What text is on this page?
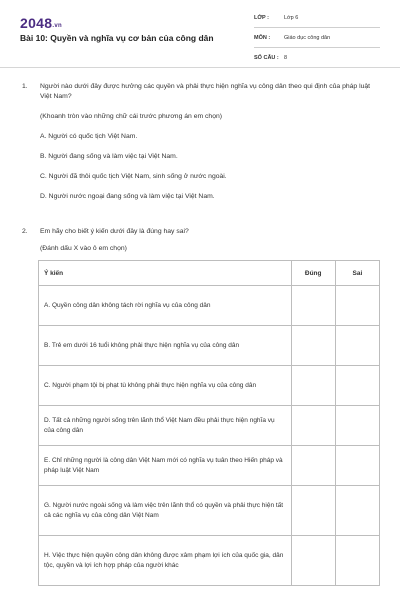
2048.vn
Bài 10: Quyền và nghĩa vụ cơ bản của công dân
LỚP :	Lớp 6
MÔN :	Giáo dục công dân
SỐ CÂU : 8
1.	Người nào dưới đây được hưởng các quyền và phải thực hiện nghĩa vụ công dân theo qui định của pháp luật Việt Nam?
(Khoanh tròn vào những chữ cái trước phương án em chọn)
A. Người có quốc tịch Việt Nam.
B. Người đang sống và làm việc tại Việt Nam.
C. Người đã thôi quốc tịch Việt Nam, sinh sống ở nước ngoài.
D. Người nước ngoại đang sống và làm việc tại Việt Nam.
2.	Em hãy cho biết ý kiến dưới đây là đúng hay sai?
(Đánh dấu X vào ô em chọn)
Ý kiến	Đúng	Sai
A. Quyền công dân không tách rời nghĩa vụ của công dân		
B. Trẻ em dưới 16 tuổi không phải thực hiện nghĩa vụ của công dân		
C. Người phạm tội bị phạt tù không phải thực hiện nghĩa vụ của công dân		
D. Tất cả những người sống trên lãnh thổ Việt Nam đều phải thực hiện nghĩa vụ của công dân		
E. Chỉ những người là công dân Việt Nam mới có nghĩa vụ tuân theo Hiến pháp và pháp luật Việt Nam		
G. Người nước ngoài sống và làm việc trên lãnh thổ có quyền và phải thực hiện tất cả các nghĩa vụ của công dân Việt Nam		
H. Việc thực hiện quyền công dân không được xâm phạm lợi ích của quốc gia, dân tộc, quyền và lợi ích hợp pháp của người khác		
